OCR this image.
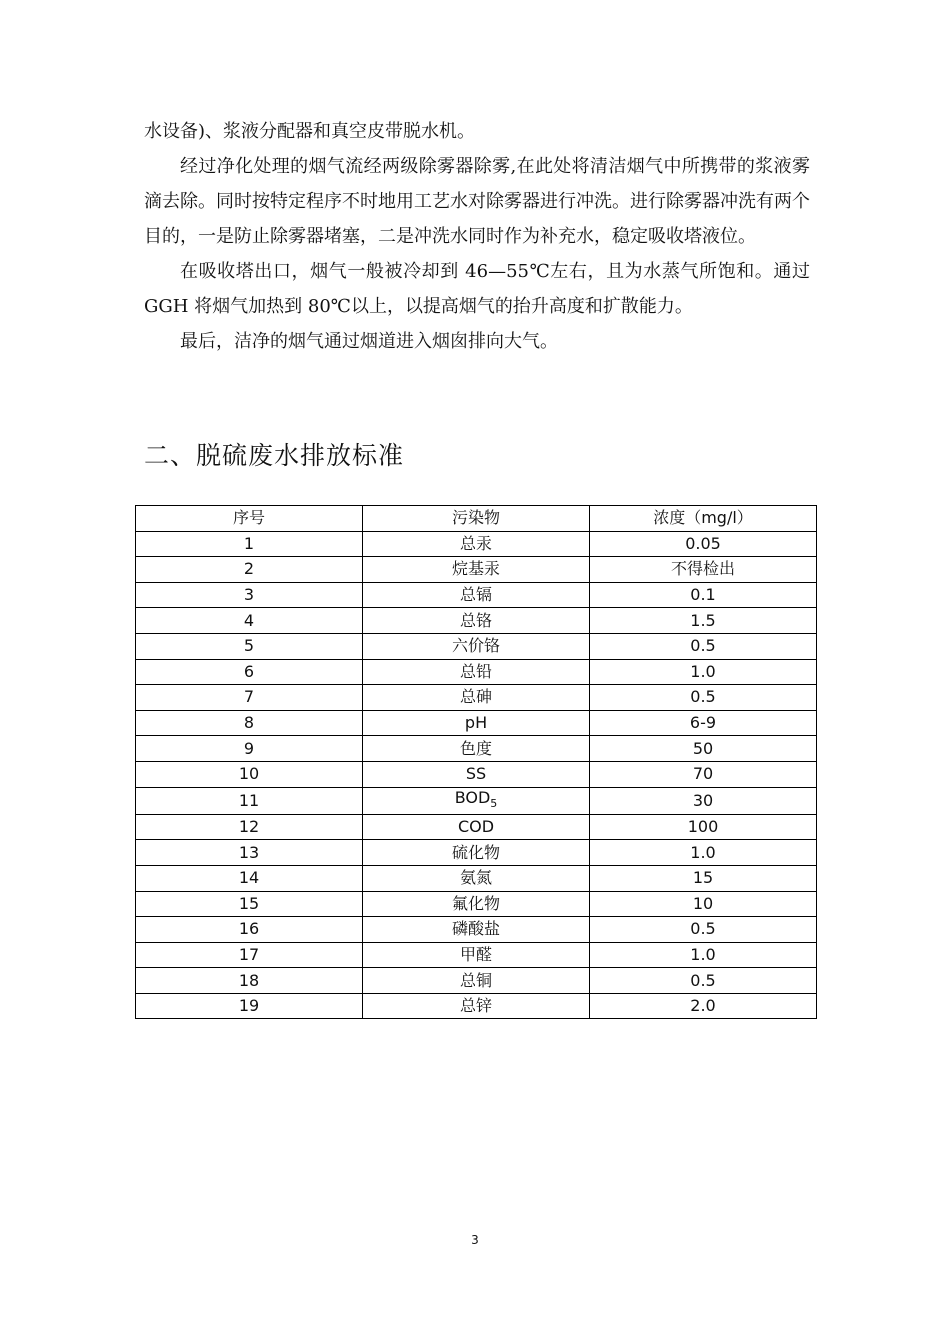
水设备)、浆液分配器和真空皮带脱水机。

经过净化处理的烟气流经两级除雾器除雾,在此处将清洁烟气中所携带的浆液雾滴去除。同时按特定程序不时地用工艺水对除雾器进行冲洗。进行除雾器冲洗有两个目的，一是防止除雾器堵塞，二是冲洗水同时作为补充水，稳定吸收塔液位。

在吸收塔出口，烟气一般被冷却到 46—55℃左右，且为水蒸气所饱和。通过 GGH 将烟气加热到 80℃以上，以提高烟气的抬升高度和扩散能力。

最后，洁净的烟气通过烟道进入烟囱排向大气。

二、脱硫废水排放标准
序号	污染物	浓度（mg/l）
1	总汞	0.05
2	烷基汞	不得检出
3	总镉	0.1
4	总铬	1.5
5	六价铬	0.5
6	总铅	1.0
7	总砷	0.5
8	pH	6-9
9	色度	50
10	SS	70
11	$BOD_5$	30
12	COD	100
13	硫化物	1.0
14	氨氮	15
15	氟化物	10
16	磷酸盐	0.5
17	甲醛	1.0
18	总铜	0.5
19	总锌	2.0
3
